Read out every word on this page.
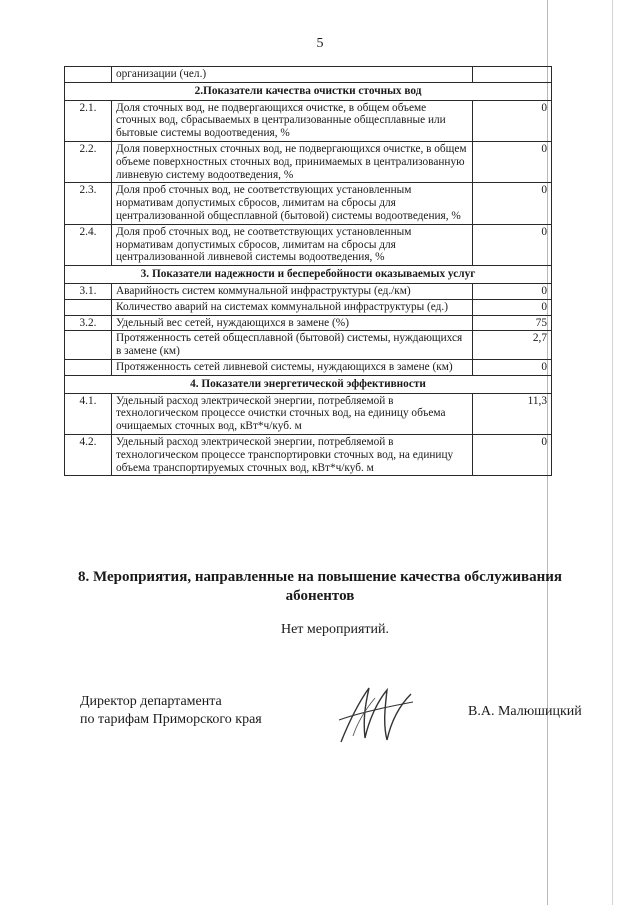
5
	организации (чел.)	
2.Показатели качества очистки сточных вод		
2.1.	Доля сточных вод, не подвергающихся очистке, в общем объеме сточных вод, сбрасываемых в централизованные общесплавные или бытовые системы водоотведения, %	0
2.2.	Доля поверхностных сточных вод, не подвергающихся очистке, в общем объеме поверхностных сточных вод, принимаемых в централизованную ливневую систему водоотведения, %	0
2.3.	Доля проб сточных вод, не соответствующих установленным нормативам допустимых сбросов, лимитам на сбросы для централизованной общесплавной (бытовой) системы водоотведения, %	0
2.4.	Доля проб сточных вод, не соответствующих установленным нормативам допустимых сбросов, лимитам на сбросы для централизованной ливневой системы водоотведения, %	0
3. Показатели надежности и бесперебойности оказываемых услуг		
3.1.	Аварийность систем коммунальной инфраструктуры (ед./км)	0
	Количество аварий на системах коммунальной инфраструктуры (ед.)	0
3.2.	Удельный вес сетей, нуждающихся в замене (%)	75
	Протяженность сетей общесплавной (бытовой) системы, нуждающихся в замене (км)	2,7
	Протяженность сетей ливневой системы, нуждающихся в замене (км)	0
4. Показатели энергетической эффективности		
4.1.	Удельный расход электрической энергии, потребляемой в технологическом процессе очистки сточных вод, на единицу объема очищаемых сточных вод, кВт*ч/куб. м	11,3
4.2.	Удельный расход электрической энергии, потребляемой в технологическом процессе транспортировки сточных вод, на единицу объема транспортируемых сточных вод, кВт*ч/куб. м	0
8. Мероприятия, направленные на повышение качества обслуживания абонентов
Нет мероприятий.
Директор департамента
по тарифам Приморского края
В.А. Малюшицкий
